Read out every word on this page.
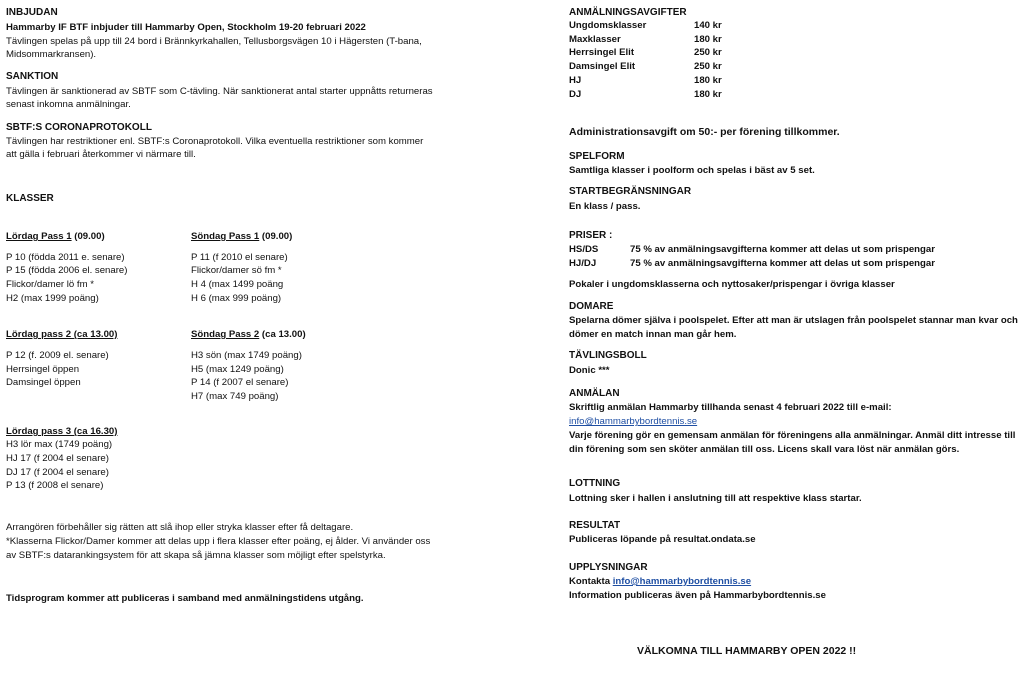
INBJUDAN
Hammarby IF BTF inbjuder till Hammarby Open, Stockholm 19-20 februari 2022
Tävlingen spelas på upp till 24 bord i Brännkyrkahallen, Tellusborgsvägen 10 i Hägersten (T-bana,
Midsommarkransen).
SANKTION
Tävlingen är sanktionerad av SBTF som C-tävling. När sanktionerat antal starter uppnåtts returneras
senast inkomna anmälningar.
SBTF:S CORONAPROTOKOLL
Tävlingen har restriktioner enl. SBTF:s Coronaprotokoll. Vilka eventuella restriktioner som kommer
att gälla i februari återkommer vi närmare till.
KLASSER
Lördag Pass 1 (09.00)
P 10 (födda 2011 e. senare)
P 15 (födda 2006 el. senare)
Flickor/damer lö fm *
H2 (max 1999 poäng)
Söndag Pass 1 (09.00)
P 11 (f 2010 el senare)
Flickor/damer sö fm *
H 4 (max 1499 poäng
H 6 (max 999 poäng)
Lördag pass 2 (ca 13.00)
P 12 (f. 2009 el. senare)
Herrsingel öppen
Damsingel öppen
Söndag Pass 2 (ca 13.00)
H3 sön (max 1749 poäng)
H5 (max 1249 poäng)
P 14 (f 2007 el senare)
H7 (max 749 poäng)
Lördag pass 3 (ca 16.30)
H3 lör max (1749 poäng)
HJ 17 (f 2004 el senare)
DJ 17 (f 2004 el senare)
P 13 (f 2008 el senare)
Arrangören förbehåller sig rätten att slå ihop eller stryka klasser efter få deltagare.
*Klasserna Flickor/Damer kommer att delas upp i flera klasser efter poäng, ej ålder. Vi använder oss
av SBTF:s datarankingsystem för att skapa så jämna klasser som möjligt efter spelstyrka.
Tidsprogram kommer att publiceras i samband med anmälningstidens utgång.
ANMÄLNINGSAVGIFTER
Ungdomsklasser	140 kr
Maxklasser	180 kr
Herrsingel Elit	250 kr
Damsingel Elit	250 kr
HJ	180 kr
DJ	180 kr
Administrationsavgift om 50:- per förening tillkommer.
SPELFORM
Samtliga klasser i poolform och spelas i bäst av 5 set.
STARTBEGRÄNSNINGAR
En klass / pass.
PRISER :
HS/DS	75 % av anmälningsavgifterna kommer att delas ut som prispengar
HJ/DJ	75 % av anmälningsavgifterna kommer att delas ut som prispengar
Pokaler i ungdomsklasserna och nyttosaker/prispengar i övriga klasser
DOMARE
Spelarna dömer själva i poolspelet. Efter att man är utslagen från poolspelet stannar man kvar och
dömer en match innan man går hem.
TÄVLINGSBOLL
Donic ***
ANMÄLAN
Skriftlig anmälan Hammarby tillhanda senast 4 februari 2022 till e-mail:
info@hammarbybordtennis.se
Varje förening gör en gemensam anmälan för föreningens alla anmälningar. Anmäl ditt intresse till
din förening som sen sköter anmälan till oss. Licens skall vara löst när anmälan görs.
LOTTNING
Lottning sker i hallen i anslutning till att respektive klass startar.
RESULTAT
Publiceras löpande på resultat.ondata.se
UPPLYSNINGAR
Kontakta info@hammarbybordtennis.se
Information publiceras även på Hammarbybordtennis.se
VÄLKOMNA TILL HAMMARBY OPEN 2022 !!
